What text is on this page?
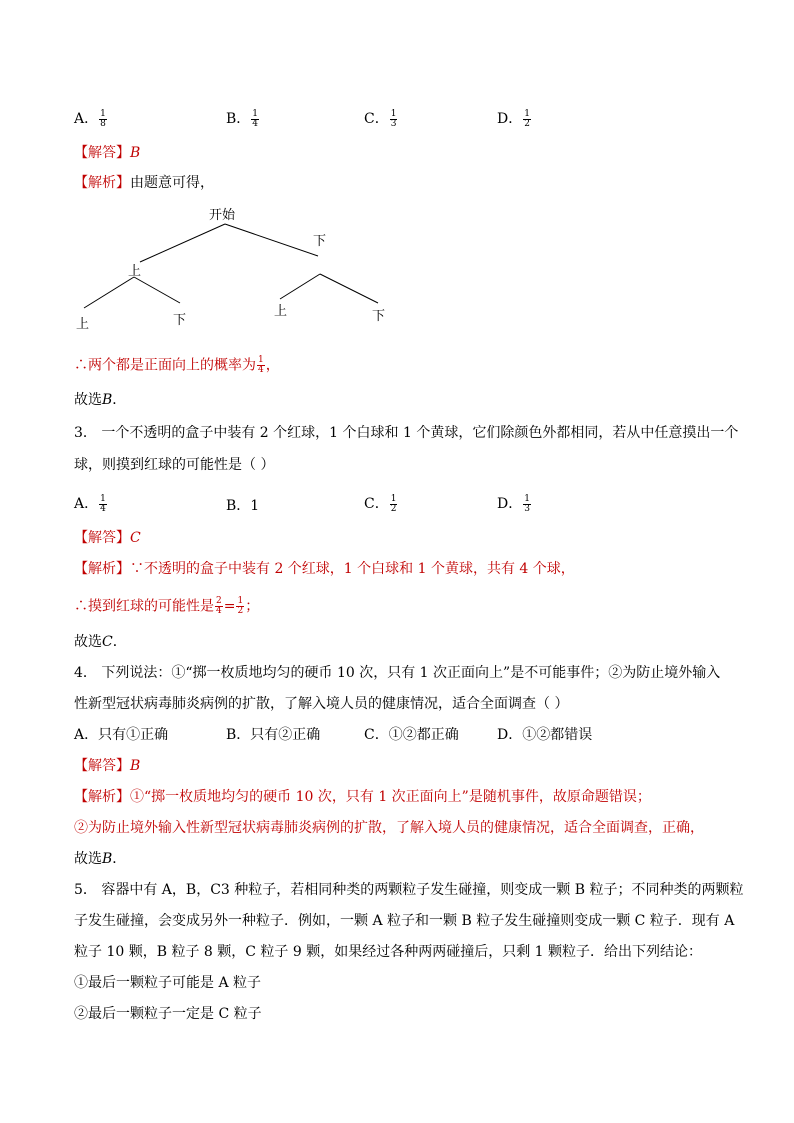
A． $\frac{1}{8}$	B． $\frac{1}{4}$	C． $\frac{1}{3}$	D． $\frac{1}{2}$
【解答】B
【解析】由题意可得，
开始
上
下
上	下
上	下
∴两个都是正面向上的概率为 $\frac{1}{4}$ ，
故选B．
3． 一个不透明的盒子中装有 2 个红球，1 个白球和 1 个黄球，它们除颜色外都相同，若从中任意摸出一个
球，则摸到红球的可能性是（ ）
A． $\frac{1}{4}$	B．1	C． $\frac{1}{2}$	D． $\frac{1}{3}$
【解答】C
【解析】∵不透明的盒子中装有 2 个红球，1 个白球和 1 个黄球，共有 4 个球，
∴摸到红球的可能性是 $\frac{2}{4} = \frac{1}{2}$ ；
故选C．
4． 下列说法：①“掷一枚质地均匀的硬币 10 次，只有 1 次正面向上”是不可能事件；②为防止境外输入
性新型冠状病毒肺炎病例的扩散，了解入境人员的健康情况，适合全面调查（ ）
A．只有①正确	B．只有②正确	C．①②都正确	D．①②都错误
【解答】B
【解析】①“掷一枚质地均匀的硬币 10 次，只有 1 次正面向上”是随机事件，故原命题错误；
②为防止境外输入性新型冠状病毒肺炎病例的扩散，了解入境人员的健康情况，适合全面调查，正确，
故选B．
5． 容器中有 A，B，C3 种粒子，若相同种类的两颗粒子发生碰撞，则变成一颗 B 粒子；不同种类的两颗粒
子发生碰撞，会变成另外一种粒子．例如，一颗 A 粒子和一颗 B 粒子发生碰撞则变成一颗 C 粒子．现有 A
粒子 10 颗，B 粒子 8 颗，C 粒子 9 颗，如果经过各种两两碰撞后，只剩 1 颗粒子．给出下列结论：
①最后一颗粒子可能是 A 粒子
②最后一颗粒子一定是 C 粒子
